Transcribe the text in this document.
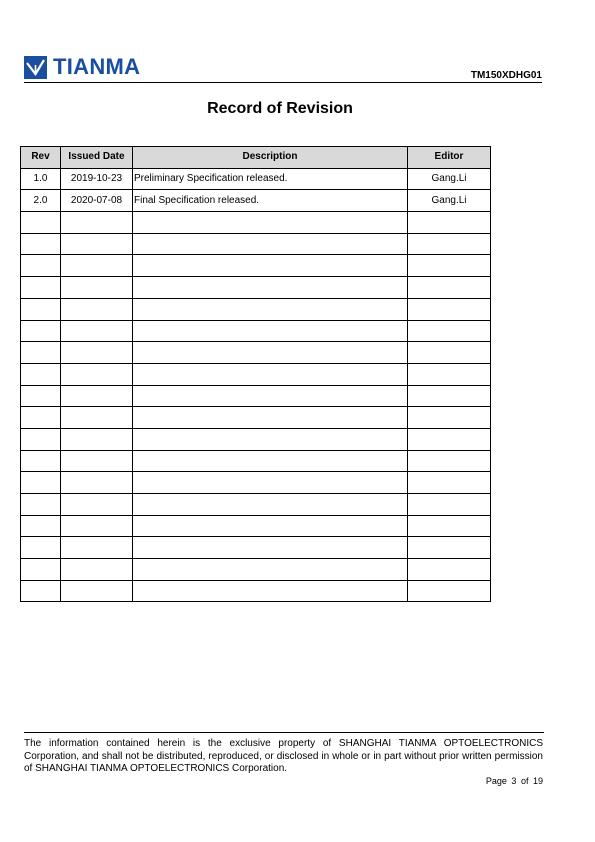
TIANMA	TM150XDHG01
Record of Revision
Rev	Issued Date	Description	Editor
1.0	2019-10-23	Preliminary Specification released.	Gang.Li
2.0	2020-07-08	Final Specification released.	Gang.Li

The information contained herein is the exclusive property of SHANGHAI TIANMA OPTOELECTRONICS Corporation, and shall not be distributed, reproduced, or disclosed in whole or in part without prior written permission of SHANGHAI TIANMA OPTOELECTRONICS Corporation.
Page 3 of 19
